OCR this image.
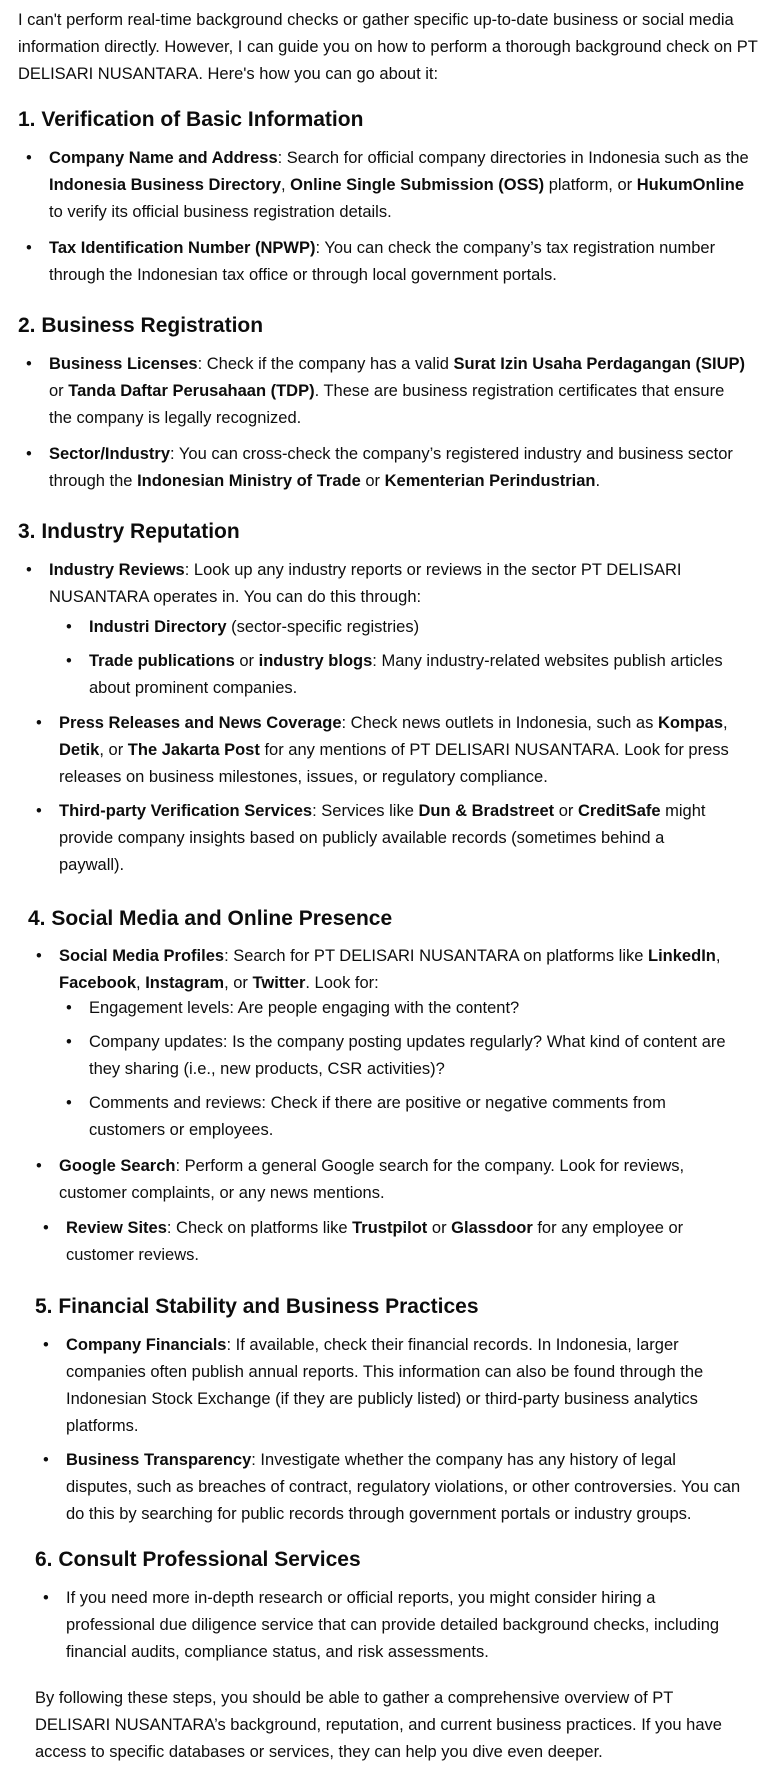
I can't perform real-time background checks or gather specific up-to-date business or social media information directly. However, I can guide you on how to perform a thorough background check on PT DELISARI NUSANTARA. Here's how you can go about it:

1. Verification of Basic Information
• Company Name and Address: Search for official company directories in Indonesia such as the Indonesia Business Directory, Online Single Submission (OSS) platform, or HukumOnline to verify its official business registration details.
• Tax Identification Number (NPWP): You can check the company’s tax registration number through the Indonesian tax office or through local government portals.
2. Business Registration
• Business Licenses: Check if the company has a valid Surat Izin Usaha Perdagangan (SIUP) or Tanda Daftar Perusahaan (TDP). These are business registration certificates that ensure the company is legally recognized.
• Sector/Industry: You can cross-check the company’s registered industry and business sector through the Indonesian Ministry of Trade or Kementerian Perindustrian.
3. Industry Reputation
• Industry Reviews: Look up any industry reports or reviews in the sector PT DELISARI NUSANTARA operates in. You can do this through:
• Industri Directory (sector-specific registries)
• Trade publications or industry blogs: Many industry-related websites publish articles about prominent companies.
• Press Releases and News Coverage: Check news outlets in Indonesia, such as Kompas, Detik, or The Jakarta Post for any mentions of PT DELISARI NUSANTARA. Look for press releases on business milestones, issues, or regulatory compliance.
• Third-party Verification Services: Services like Dun & Bradstreet or CreditSafe might provide company insights based on publicly available records (sometimes behind a paywall).
4. Social Media and Online Presence
• Social Media Profiles: Search for PT DELISARI NUSANTARA on platforms like LinkedIn, Facebook, Instagram, or Twitter. Look for:
• Engagement levels: Are people engaging with the content?
• Company updates: Is the company posting updates regularly? What kind of content are they sharing (i.e., new products, CSR activities)?
• Comments and reviews: Check if there are positive or negative comments from customers or employees.
• Google Search: Perform a general Google search for the company. Look for reviews, customer complaints, or any news mentions.
• Review Sites: Check on platforms like Trustpilot or Glassdoor for any employee or customer reviews.
5. Financial Stability and Business Practices
• Company Financials: If available, check their financial records. In Indonesia, larger companies often publish annual reports. This information can also be found through the Indonesian Stock Exchange (if they are publicly listed) or third-party business analytics platforms.
• Business Transparency: Investigate whether the company has any history of legal disputes, such as breaches of contract, regulatory violations, or other controversies. You can do this by searching for public records through government portals or industry groups.
6. Consult Professional Services
• If you need more in-depth research or official reports, you might consider hiring a professional due diligence service that can provide detailed background checks, including financial audits, compliance status, and risk assessments.

By following these steps, you should be able to gather a comprehensive overview of PT DELISARI NUSANTARA’s background, reputation, and current business practices. If you have access to specific databases or services, they can help you dive even deeper.
